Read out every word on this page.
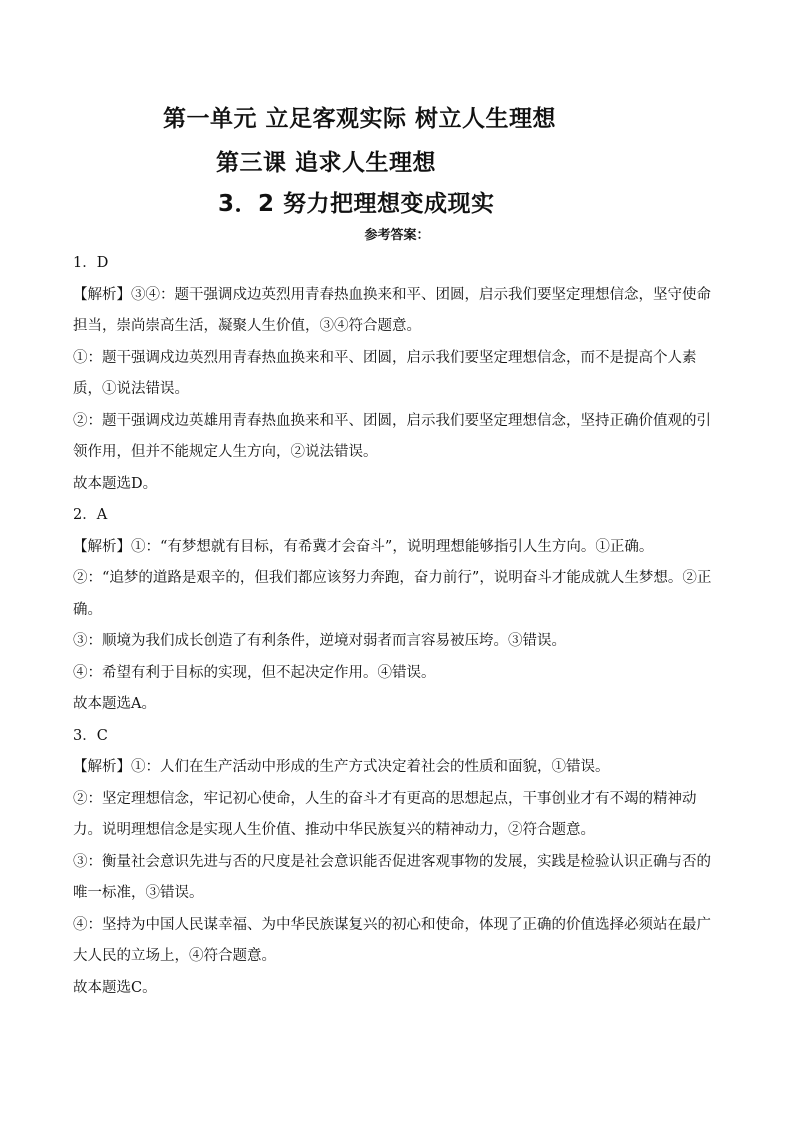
第一单元 立足客观实际 树立人生理想
第三课 追求人生理想
3．2 努力把理想变成现实
参考答案：

1．D

【解析】③④：题干强调戍边英烈用青春热血换来和平、团圆，启示我们要坚定理想信念，坚守使命担当，崇尚崇高生活，凝聚人生价值，③④符合题意。

①：题干强调戍边英烈用青春热血换来和平、团圆，启示我们要坚定理想信念，而不是提高个人素质，①说法错误。

②：题干强调戍边英雄用青春热血换来和平、团圆，启示我们要坚定理想信念，坚持正确价值观的引领作用，但并不能规定人生方向，②说法错误。

故本题选D。

2．A

【解析】①：“有梦想就有目标，有希冀才会奋斗”，说明理想能够指引人生方向。①正确。

②：“追梦的道路是艰辛的，但我们都应该努力奔跑，奋力前行”，说明奋斗才能成就人生梦想。②正确。

③：顺境为我们成长创造了有利条件，逆境对弱者而言容易被压垮。③错误。

④：希望有利于目标的实现，但不起决定作用。④错误。

故本题选A。

3．C

【解析】①：人们在生产活动中形成的生产方式决定着社会的性质和面貌，①错误。

②：坚定理想信念，牢记初心使命，人生的奋斗才有更高的思想起点，干事创业才有不竭的精神动力。说明理想信念是实现人生价值、推动中华民族复兴的精神动力，②符合题意。

③：衡量社会意识先进与否的尺度是社会意识能否促进客观事物的发展，实践是检验认识正确与否的唯一标准，③错误。

④：坚持为中国人民谋幸福、为中华民族谋复兴的初心和使命，体现了正确的价值选择必须站在最广大人民的立场上，④符合题意。

故本题选C。
